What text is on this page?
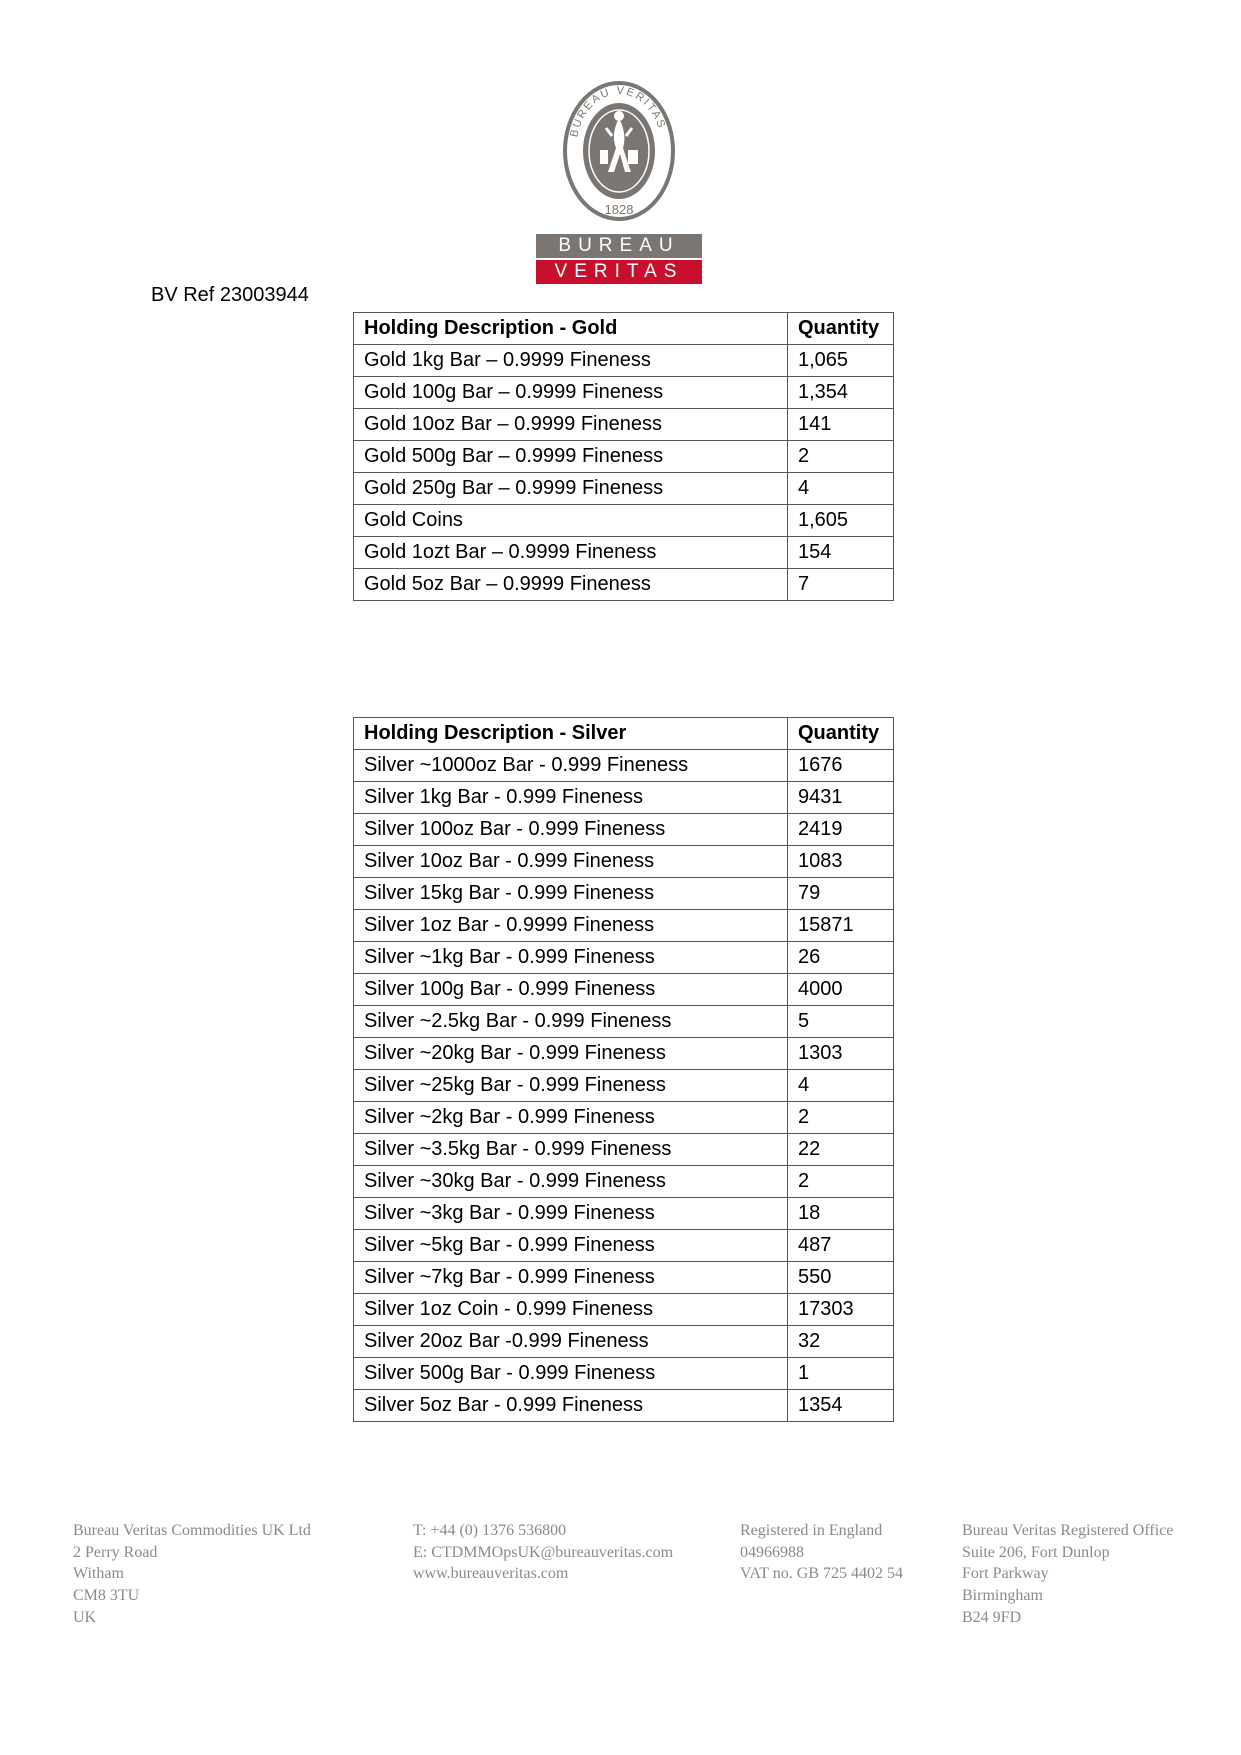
1828
BUREAU VERITAS
BUREAU
VERITAS
BV Ref 23003944
Holding Description - Gold	Quantity
Gold 1kg Bar – 0.9999 Fineness	1,065
Gold 100g Bar – 0.9999 Fineness	1,354
Gold 10oz Bar – 0.9999 Fineness	141
Gold 500g Bar – 0.9999 Fineness	2
Gold 250g Bar – 0.9999 Fineness	4
Gold Coins	1,605
Gold 1ozt Bar – 0.9999 Fineness	154
Gold 5oz Bar – 0.9999 Fineness	7
Holding Description - Silver	Quantity
Silver ~1000oz Bar - 0.999 Fineness	1676
Silver 1kg Bar - 0.999 Fineness	9431
Silver 100oz Bar - 0.999 Fineness	2419
Silver 10oz Bar - 0.999 Fineness	1083
Silver 15kg Bar - 0.999 Fineness	79
Silver 1oz Bar - 0.9999 Fineness	15871
Silver ~1kg Bar - 0.999 Fineness	26
Silver 100g Bar - 0.999 Fineness	4000
Silver ~2.5kg Bar - 0.999 Fineness	5
Silver ~20kg Bar - 0.999 Fineness	1303
Silver ~25kg Bar - 0.999 Fineness	4
Silver ~2kg Bar - 0.999 Fineness	2
Silver ~3.5kg Bar - 0.999 Fineness	22
Silver ~30kg Bar - 0.999 Fineness	2
Silver ~3kg Bar - 0.999 Fineness	18
Silver ~5kg Bar - 0.999 Fineness	487
Silver ~7kg Bar - 0.999 Fineness	550
Silver 1oz Coin - 0.999 Fineness	17303
Silver 20oz Bar -0.999 Fineness	32
Silver 500g Bar - 0.999 Fineness	1
Silver 5oz Bar - 0.999 Fineness	1354
Bureau Veritas Commodities UK Ltd
2 Perry Road
Witham
CM8 3TU
UK
T: +44 (0) 1376 536800
E: CTDMMOpsUK@bureauveritas.com
www.bureauveritas.com
Registered in England
04966988
VAT no. GB 725 4402 54
Bureau Veritas Registered Office
Suite 206, Fort Dunlop
Fort Parkway
Birmingham
B24 9FD
